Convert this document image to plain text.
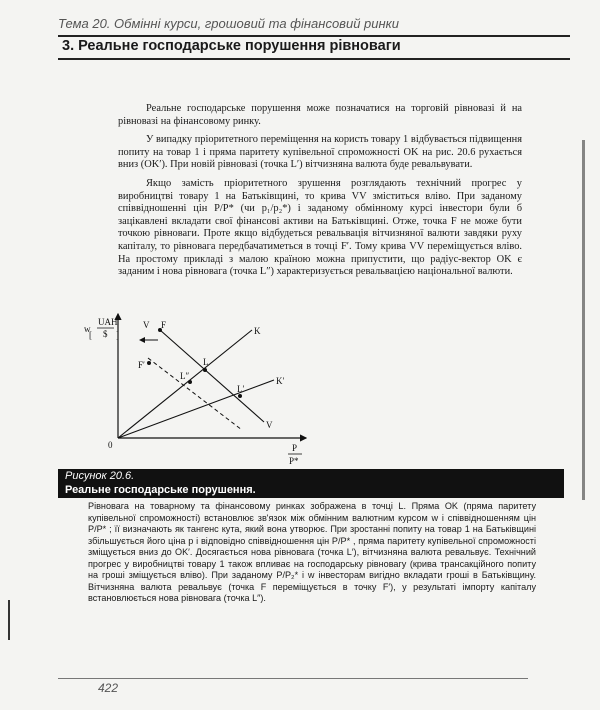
Тема 20. Обмінні курси, грошовий та фінансовий ринки
3. Реальне господарське порушення рівноваги

Реальне господарське порушення може позначатися на торговій рівновазі й на рівновазі на фінансовому ринку.

У випадку пріоритетного переміщення на користь товару 1 відбувається підвищення попиту на товар 1 і пряма паритету купівельної спроможності OK на рис. 20.6 рухається вниз (OK′). При новій рівновазі (точка L′) вітчизняна валюта буде ревальвувати.

Якщо замість пріоритетного зрушення розглядають технічний прогрес у виробництві товару 1 на Батьківщині, то крива VV зміститься вліво. При заданому співвідношенні цін P/P* (чи p₁/p₂*) і заданому обмінному курсі інвестори були б зацікавлені вкладати свої фінансові активи на Батьківщині. Отже, точка F не може бути точкою рівноваги. Проте якщо відбудеться ревальвація вітчизняної валюти завдяки руху капіталу, то рівновага передбачатиметься в точці F′. Тому крива VV переміщується вліво. На простому прикладі з малою країною можна припустити, що радіус-вектор OK є заданим і нова рівновага (точка L″) характеризується ревальвацією національної валюти.

w
[	]
UAH
$
P
P*
0
V F
F′	L
L″
L′
K
K′
V
Рисунок 20.6.
Реальне господарське порушення.
Рівновага на товарному та фінансовому ринках зображена в точці L. Пряма OK (пряма паритету купівельної спроможності) встановлює зв'язок між обмінним валютним курсом w і співвідношенням цін P/P* ; її визначають як тангенс кута, який вона утворює. При зростанні попиту на товар 1 на Батьківщині збільшується його ціна p і відповідно співвідношення цін P/P* , пряма паритету купівельної спроможності зміщується вниз до OK′. Досягається нова рівновага (точка L′), вітчизняна валюта ревальвує. Технічний прогрес у виробництві товару 1 також впливає на господарську рівновагу (крива трансакційного попиту на гроші зміщується вліво). При заданому P/P₂* і w інвесторам вигідно вкладати гроші в Батьківщину. Вітчизняна валюта ревальвує (точка F переміщується в точку F′), у результаті імпорту капіталу встановлюється нова рівновага (точка L″).
422
